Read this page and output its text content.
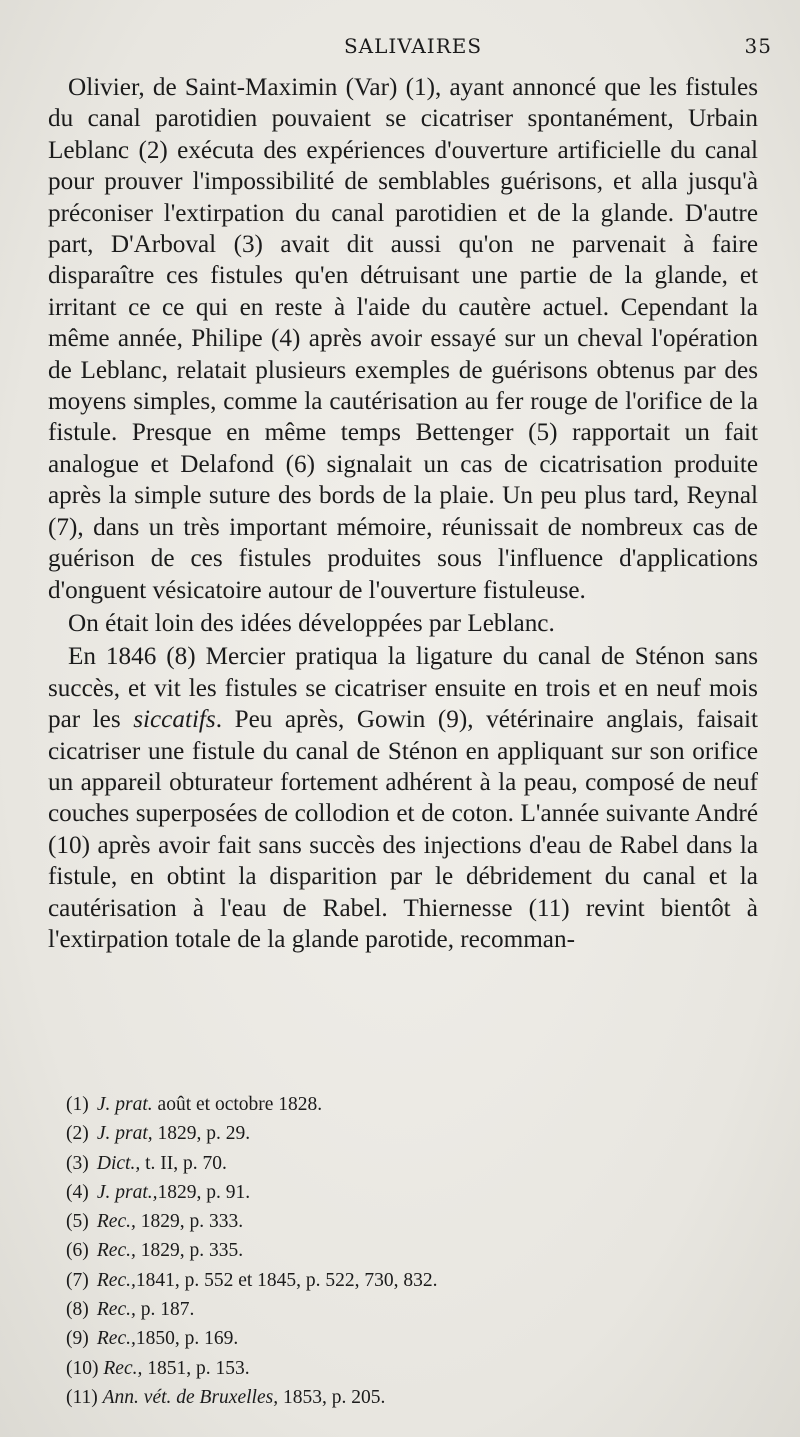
SALIVAIRES	35

Olivier, de Saint-Maximin (Var) (1), ayant annoncé que les fistules du canal parotidien pouvaient se cicatriser spontanément, Urbain Leblanc (2) exécuta des expériences d'ouverture artificielle du canal pour prouver l'impossibilité de semblables guérisons, et alla jusqu'à préconiser l'extirpation du canal parotidien et de la glande. D'autre part, D'Arboval (3) avait dit aussi qu'on ne parvenait à faire disparaître ces fistules qu'en détruisant une partie de la glande, et irritant ce ce qui en reste à l'aide du cautère actuel. Cependant la même année, Philipe (4) après avoir essayé sur un cheval l'opération de Leblanc, relatait plusieurs exemples de guérisons obtenus par des moyens simples, comme la cautérisation au fer rouge de l'orifice de la fistule. Presque en même temps Bettenger (5) rapportait un fait analogue et Delafond (6) signalait un cas de cicatrisation produite après la simple suture des bords de la plaie. Un peu plus tard, Reynal (7), dans un très important mémoire, réunissait de nombreux cas de guérison de ces fistules produites sous l'influence d'applications d'onguent vésicatoire autour de l'ouverture fistuleuse.

On était loin des idées développées par Leblanc.

En 1846 (8) Mercier pratiqua la ligature du canal de Sténon sans succès, et vit les fistules se cicatriser ensuite en trois et en neuf mois par les siccatifs. Peu après, Gowin (9), vétérinaire anglais, faisait cicatriser une fistule du canal de Sténon en appliquant sur son orifice un appareil obturateur fortement adhérent à la peau, composé de neuf couches superposées de collodion et de coton. L'année suivante André (10) après avoir fait sans succès des injections d'eau de Rabel dans la fistule, en obtint la disparition par le débridement du canal et la cautérisation à l'eau de Rabel. Thiernesse (11) revint bientôt à l'extirpation totale de la glande parotide, recomman-

(1) J. prat. août et octobre 1828.
(2) J. prat, 1829, p. 29.
(3) Dict., t. II, p. 70.
(4) J. prat.,1829, p. 91.
(5) Rec., 1829, p. 333.
(6) Rec., 1829, p. 335.
(7) Rec.,1841, p. 552 et 1845, p. 522, 730, 832.
(8) Rec., p. 187.
(9) Rec.,1850, p. 169.
(10) Rec., 1851, p. 153.
(11) Ann. vét. de Bruxelles, 1853, p. 205.
